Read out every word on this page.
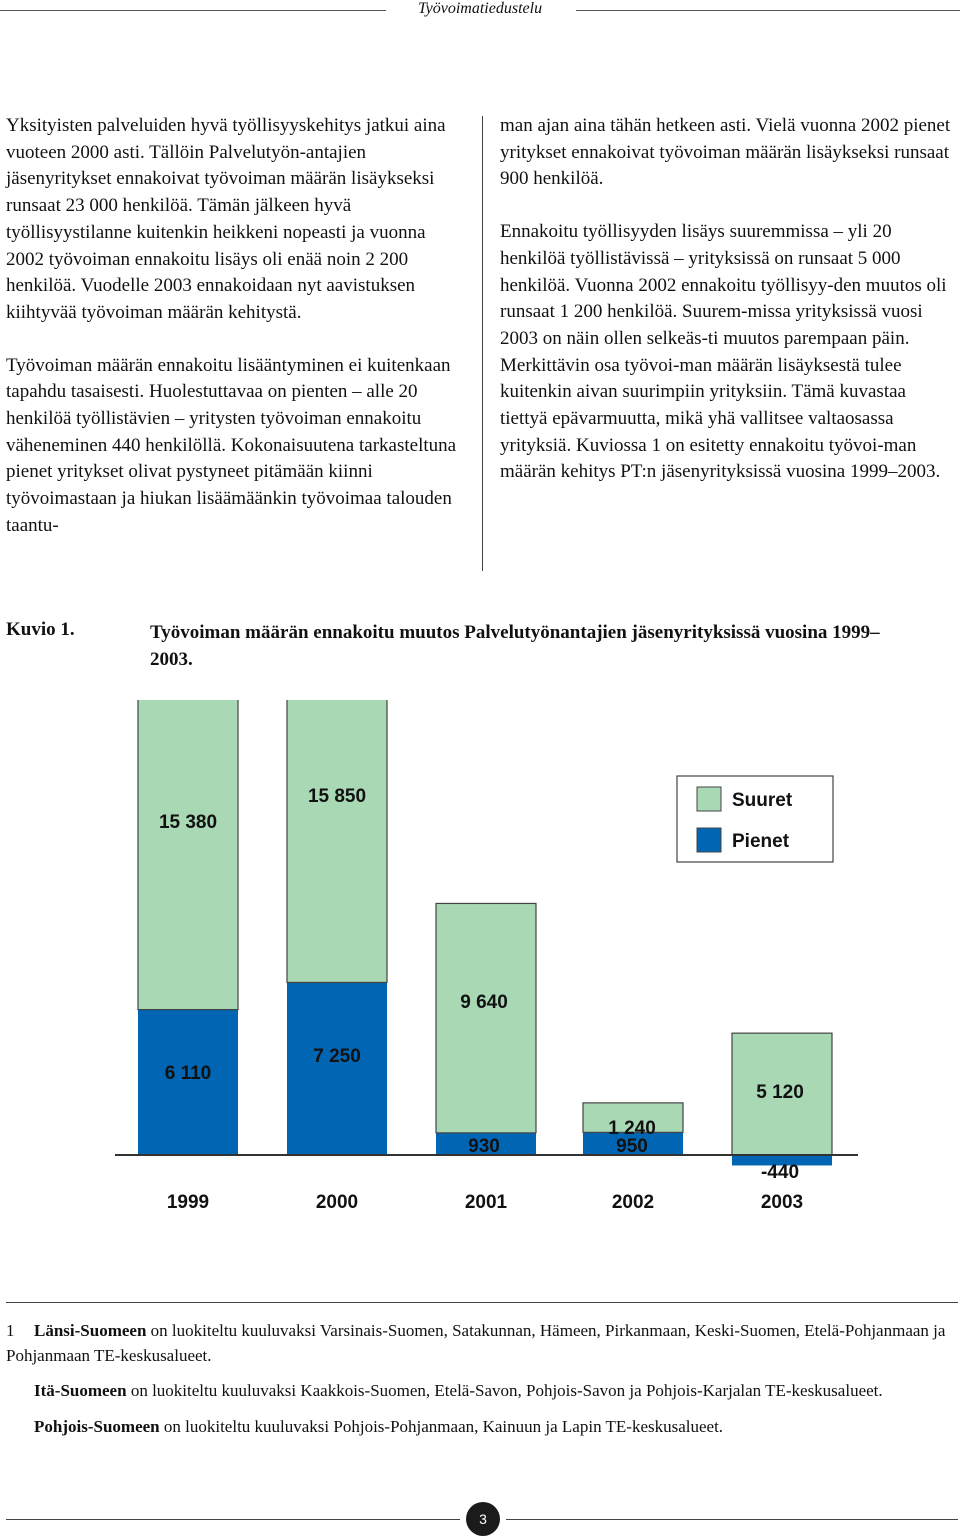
Työvoimatiedustelu

Yksityisten palveluiden hyvä työllisyyskehitys jatkui aina vuoteen 2000 asti. Tällöin Palvelutyön-antajien jäsenyritykset ennakoivat työvoiman määrän lisäykseksi runsaat 23 000 henkilöä. Tämän jälkeen hyvä työllisyystilanne kuitenkin heikkeni nopeasti ja vuonna 2002 työvoiman ennakoitu lisäys oli enää noin 2 200 henkilöä. Vuodelle 2003 ennakoidaan nyt aavistuksen kiihtyvää työvoiman määrän kehitystä.

Työvoiman määrän ennakoitu lisääntyminen ei kuitenkaan tapahdu tasaisesti. Huolestuttavaa on pienten – alle 20 henkilöä työllistävien – yritysten työvoiman ennakoitu väheneminen 440 henkilöllä. Kokonaisuutena tarkasteltuna pienet yritykset olivat pystyneet pitämään kiinni työvoimastaan ja hiukan lisäämäänkin työvoimaa talouden taantu-

man ajan aina tähän hetkeen asti. Vielä vuonna 2002 pienet yritykset ennakoivat työvoiman määrän lisäykseksi runsaat 900 henkilöä.

Ennakoitu työllisyyden lisäys suuremmissa – yli 20 henkilöä työllistävissä – yrityksissä on runsaat 5 000 henkilöä. Vuonna 2002 ennakoitu työllisyy-den muutos oli runsaat 1 200 henkilöä. Suurem-missa yrityksissä vuosi 2003 on näin ollen selkeäs-ti muutos parempaan päin. Merkittävin osa työvoi-man määrän lisäyksestä tulee kuitenkin aivan suurimpiin yrityksiin. Tämä kuvastaa tiettyä epävarmuutta, mikä yhä vallitsee valtaosassa yrityksiä. Kuviossa 1 on esitetty ennakoitu työvoi-man määrän kehitys PT:n jäsenyrityksissä vuosina 1999–2003.

Kuvio 1.	Työvoiman määrän ennakoitu muutos Palvelutyönantajien jäsenyrityksissä vuosina 1999–2003.
15 380
6 110
1999
15 850
7 250
2000
9 640
930
2001
1 240
950
2002
5 120
-440
2003
Suuret
Pienet

1 Länsi-Suomeen on luokiteltu kuuluvaksi Varsinais-Suomen, Satakunnan, Hämeen, Pirkanmaan, Keski-Suomen, Etelä-Pohjanmaan ja Pohjanmaan TE-keskusalueet.

Itä-Suomeen on luokiteltu kuuluvaksi Kaakkois-Suomen, Etelä-Savon, Pohjois-Savon ja Pohjois-Karjalan TE-keskusalueet.

Pohjois-Suomeen on luokiteltu kuuluvaksi Pohjois-Pohjanmaan, Kainuun ja Lapin TE-keskusalueet.

3
